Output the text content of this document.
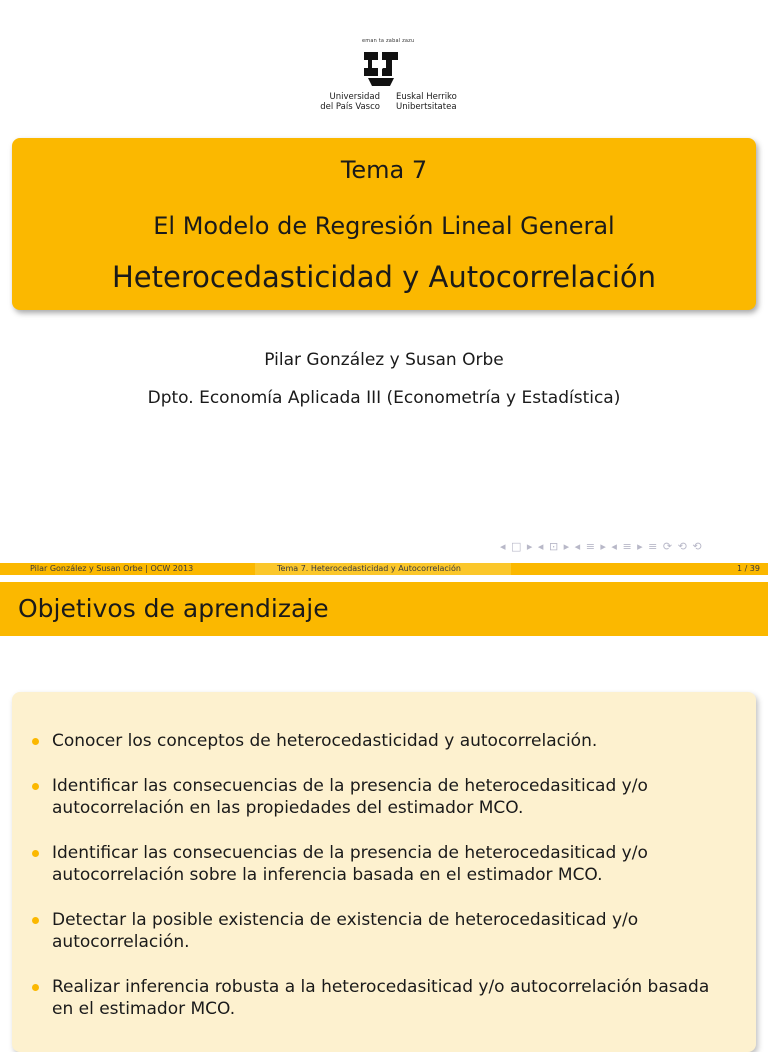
eman ta zabal zazu
Universidad
del País Vasco
Euskal Herriko
Unibertsitatea
Tema 7
El Modelo de Regresión Lineal General
Heterocedasticidad y Autocorrelación
Pilar González y Susan Orbe
Dpto. Economía Aplicada III (Econometría y Estadística)
◂ □ ▸ ◂ ⊡ ▸ ◂ ≡ ▸ ◂ ≡ ▸ ≡ ⟳ ⟲ ⟲
Pilar González y Susan Orbe | OCW 2013	Tema 7. Heterocedasticidad y Autocorrelación	1 / 39
Objetivos de aprendizaje
Conocer los conceptos de heterocedasticidad y autocorrelación.
Identificar las consecuencias de la presencia de heterocedasiticad y/o autocorrelación en las propiedades del estimador MCO.
Identificar las consecuencias de la presencia de heterocedasiticad y/o autocorrelación sobre la inferencia basada en el estimador MCO.
Detectar la posible existencia de existencia de heterocedasiticad y/o autocorrelación.
Realizar inferencia robusta a la heterocedasiticad y/o autocorrelación basada en el estimador MCO.
